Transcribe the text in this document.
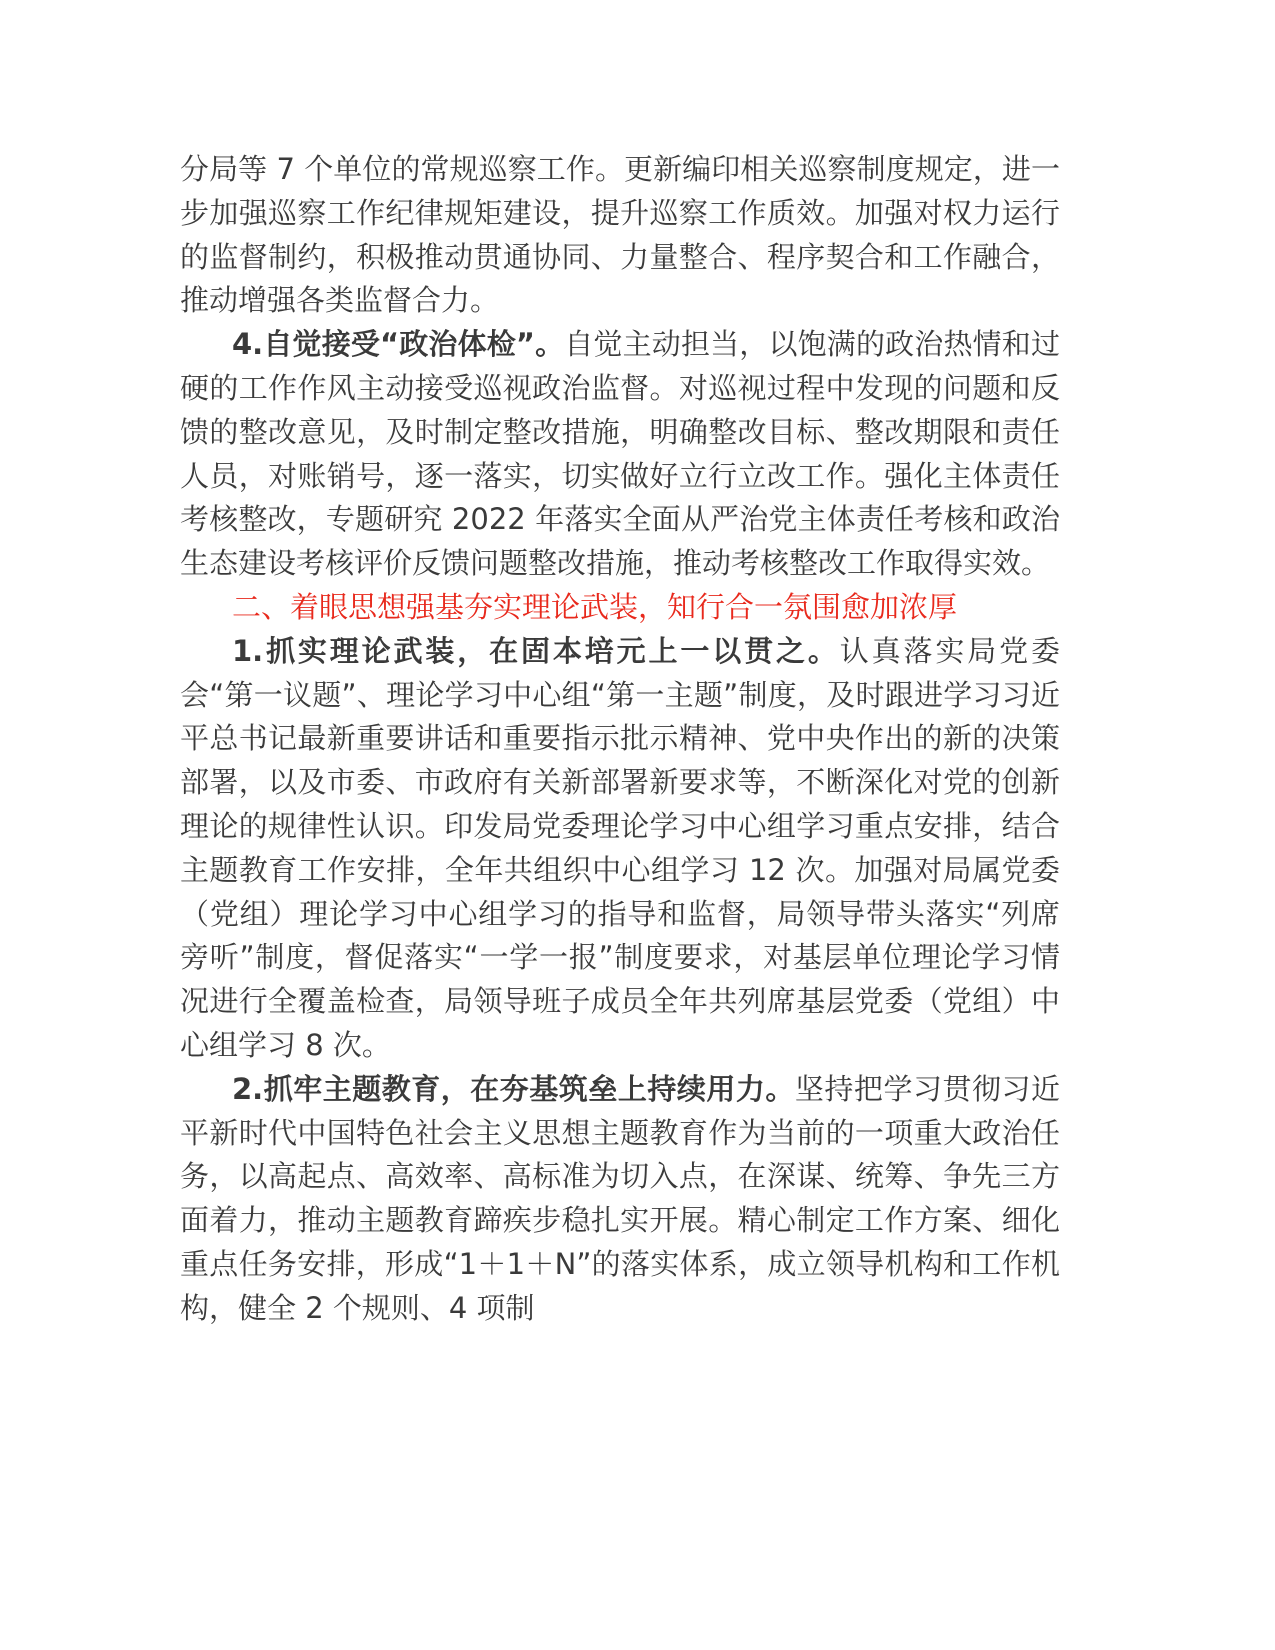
分局等 7 个单位的常规巡察工作。更新编印相关巡察制度规定，进一步加强巡察工作纪律规矩建设，提升巡察工作质效。加强对权力运行的监督制约，积极推动贯通协同、力量整合、程序契合和工作融合，推动增强各类监督合力。

4.自觉接受“政治体检”。自觉主动担当，以饱满的政治热情和过硬的工作作风主动接受巡视政治监督。对巡视过程中发现的问题和反馈的整改意见，及时制定整改措施，明确整改目标、整改期限和责任人员，对账销号，逐一落实，切实做好立行立改工作。强化主体责任考核整改，专题研究 2022 年落实全面从严治党主体责任考核和政治生态建设考核评价反馈问题整改措施，推动考核整改工作取得实效。

二、着眼思想强基夯实理论武装，知行合一氛围愈加浓厚

1.抓实理论武装，在固本培元上一以贯之。认真落实局党委会“第一议题”、理论学习中心组“第一主题”制度，及时跟进学习习近平总书记最新重要讲话和重要指示批示精神、党中央作出的新的决策部署，以及市委、市政府有关新部署新要求等，不断深化对党的创新理论的规律性认识。印发局党委理论学习中心组学习重点安排，结合主题教育工作安排，全年共组织中心组学习 12 次。加强对局属党委（党组）理论学习中心组学习的指导和监督，局领导带头落实“列席旁听”制度，督促落实“一学一报”制度要求，对基层单位理论学习情况进行全覆盖检查，局领导班子成员全年共列席基层党委（党组）中心组学习 8 次。

2.抓牢主题教育，在夯基筑垒上持续用力。坚持把学习贯彻习近平新时代中国特色社会主义思想主题教育作为当前的一项重大政治任务，以高起点、高效率、高标准为切入点，在深谋、统筹、争先三方面着力，推动主题教育蹄疾步稳扎实开展。精心制定工作方案、细化重点任务安排，形成“1＋1＋N”的落实体系，成立领导机构和工作机构，健全 2 个规则、4 项制
